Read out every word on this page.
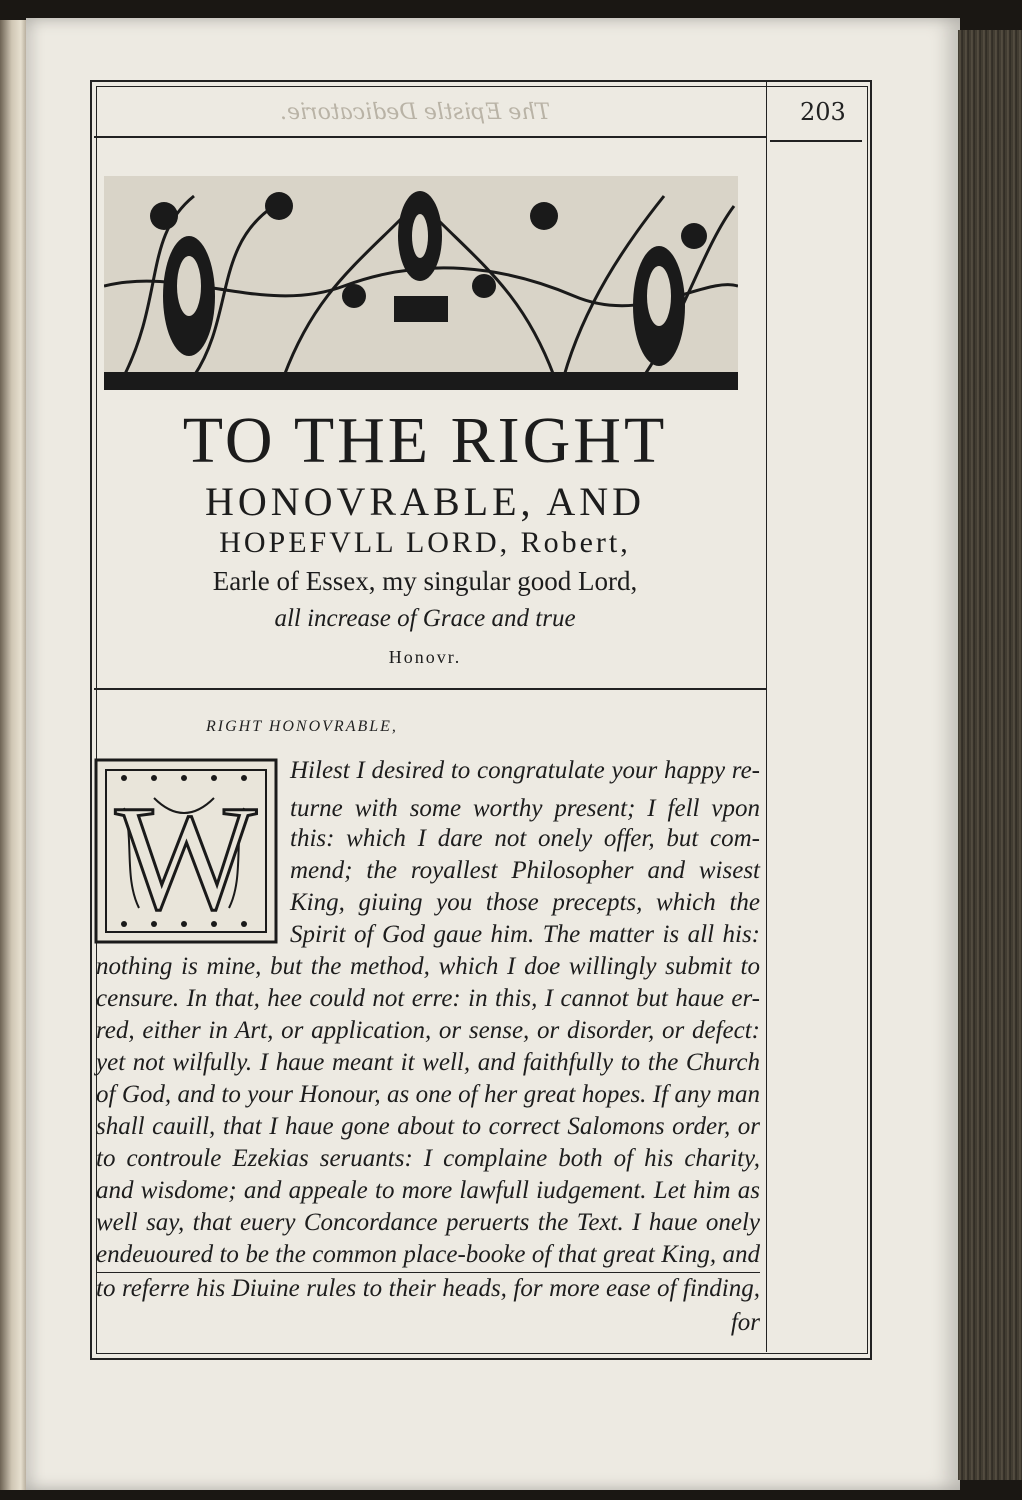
The Epistle Dedicatorie.	203
TO THE RIGHT
HONOVRABLE, AND
HOPEFVLL LORD, Robert,
Earle of Essex, my singular good Lord,
all increase of Grace and true
Honovr.
RIGHT HONOVRABLE,
W
Hilest I desired to congratulate your happy re-
turne with some worthy present; I fell vpon
this: which I dare not onely offer, but com-
mend; the royallest Philosopher and wisest
King, giuing you those precepts, which the
Spirit of God gaue him. The matter is all his:
nothing is mine, but the method, which I doe willingly submit to
censure. In that, hee could not erre: in this, I cannot but haue er-
red, either in Art, or application, or sense, or disorder, or defect:
yet not wilfully. I haue meant it well, and faithfully to the Church
of God, and to your Honour, as one of her great hopes. If any man
shall cauill, that I haue gone about to correct Salomons order, or
to controule Ezekias seruants: I complaine both of his charity,
and wisdome; and appeale to more lawfull iudgement. Let him as
well say, that euery Concordance peruerts the Text. I haue onely
endeuoured to be the common place-booke of that great King, and
to referre his Diuine rules to their heads, for more ease of finding,
for
